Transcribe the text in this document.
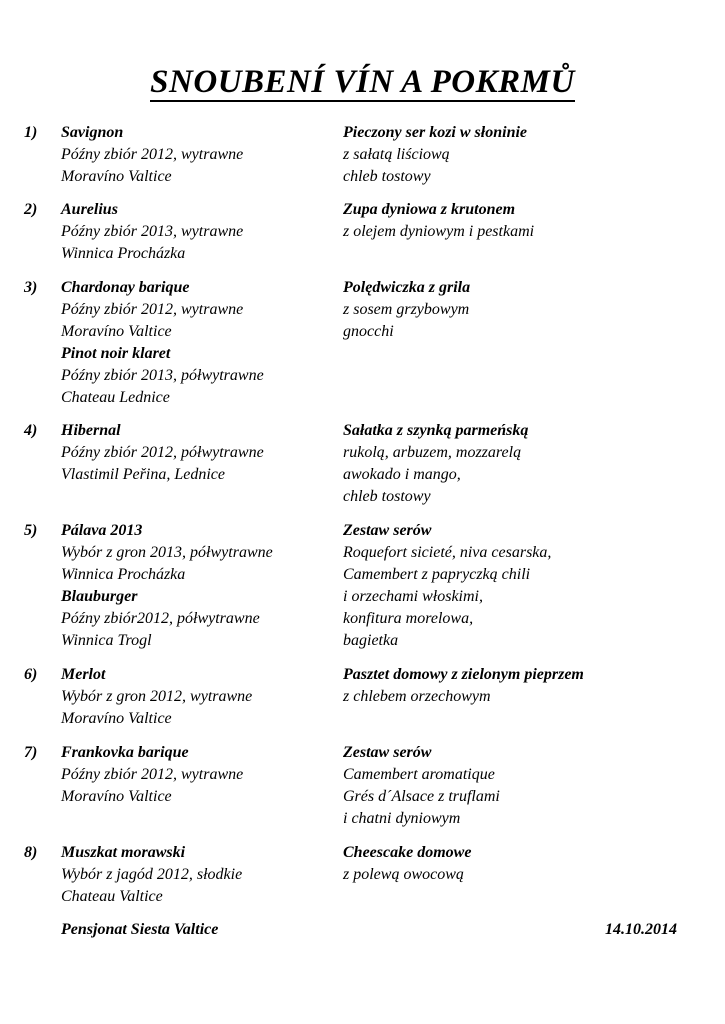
SNOUBENÍ VÍN A POKRMŮ
1) Savignon
Późny zbiór 2012, wytrawne
Moravíno Valtice
Pieczony ser kozi w słoninie
z sałatą liściową
chleb tostowy
2) Aurelius
Późny zbiór 2013, wytrawne
Winnica Procházka
Zupa dyniowa z krutonem
z olejem dyniowym i pestkami
3) Chardonay barique
Późny zbiór 2012, wytrawne
Moravíno Valtice
Pinot noir klaret
Późny zbiór 2013, półwytrawne
Chateau Lednice
Polędwiczka z grila
z sosem grzybowym
gnocchi
4) Hibernal
Późny zbiór 2012, półwytrawne
Vlastimil Peřina, Lednice
Sałatka z szynką parmeńską
rukolą, arbuzem, mozzarelą
awokado i mango,
chleb tostowy
5) Pálava 2013
Wybór z gron 2013, półwytrawne
Winnica Procházka
Blauburger
Późny zbiór2012, półwytrawne
Winnica Trogl
Zestaw serów
Roquefort sicieté, niva cesarska,
Camembert z papryczką chili
i orzechami włoskimi,
konfitura morelowa,
bagietka
6) Merlot
Wybór z gron 2012, wytrawne
Moravíno Valtice
Pasztet domowy z zielonym pieprzem
z chlebem orzechowym
7) Frankovka barique
Późny zbiór 2012, wytrawne
Moravíno Valtice
Zestaw serów
Camembert aromatique
Grés d´Alsace z truflami
i chatni dyniowym
8) Muszkat morawski
Wybór z jagód 2012, słodkie
Chateau Valtice
Cheescake domowe
z polewą owocową
Pensjonat Siesta Valtice	14.10.2014
